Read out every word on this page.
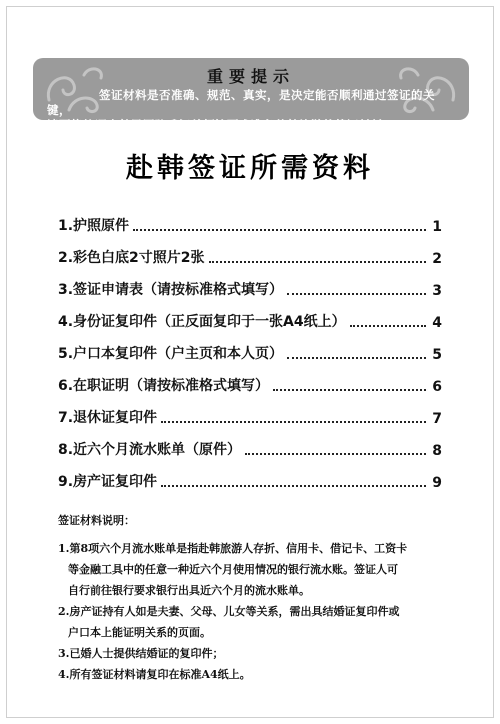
重要提示
签证材料是否准确、规范、真实，是决定能否顺利通过签证的关键，
请严格按照大韩民国驻武汉总领馆要求准备赴韩旅游的签证材料。
赴韩签证所需资料
1.护照原件	1
2.彩色白底2寸照片2张	2
3.签证申请表（请按标准格式填写）	3
4.身份证复印件（正反面复印于一张A4纸上）	4
5.户口本复印件（户主页和本人页）	5
6.在职证明（请按标准格式填写）	6
7.退休证复印件	7
8.近六个月流水账单（原件）	8
9.房产证复印件	9
签证材料说明：
1.第8项六个月流水账单是指赴韩旅游人存折、信用卡、借记卡、工资卡
等金融工具中的任意一种近六个月使用情况的银行流水账。签证人可
自行前往银行要求银行出具近六个月的流水账单。
2.房产证持有人如是夫妻、父母、儿女等关系，需出具结婚证复印件或
户口本上能证明关系的页面。
3.已婚人士提供结婚证的复印件；
4.所有签证材料请复印在标准A4纸上。
